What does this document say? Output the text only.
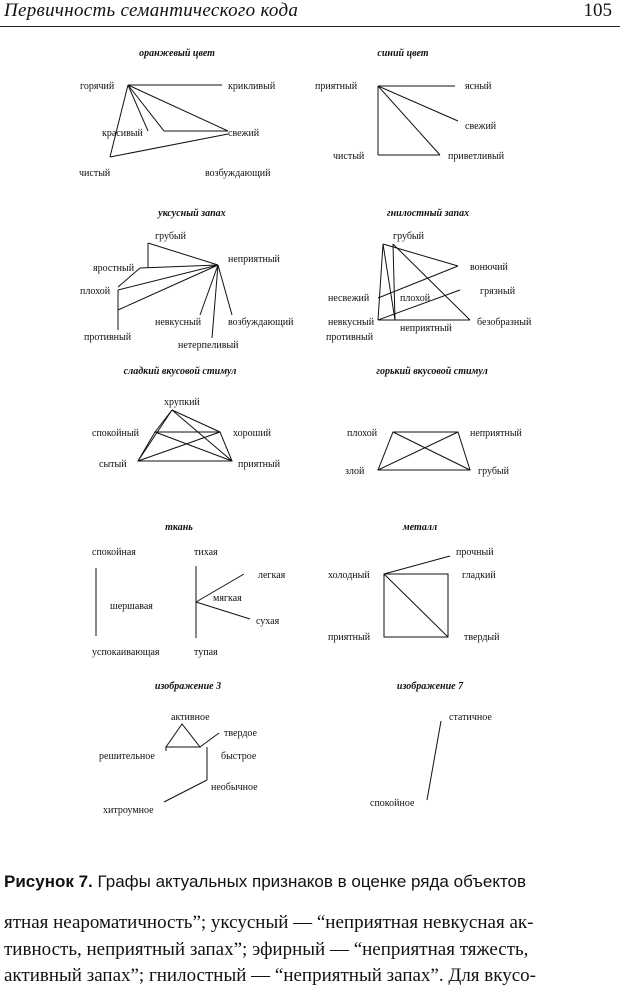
Первичность семантического кода	105
оранжевый цвет
горячий	крикливый
красивый	свежий
чистый	возбуждающий
синий цвет
приятный	ясный
свежий
чистый	приветливый
уксусный запах
грубый
яростный
неприятный
плохой
невкусный	возбуждающий
противный
нетерпеливый
гнилостный запах
грубый
вонючий
грязный
несвежий	плохой
невкусный	безобразный
неприятный
противный
сладкий вкусовой стимул
хрупкий
спокойный	хороший
сытый	приятный
горький вкусовой стимул
плохой	неприятный
злой	грубый
ткань
спокойная	тихая
легкая
мягкая
шершавая
сухая
успокаивающая	тупая
металл
прочный
холодный	гладкий
приятный	твердый
изображение 3
активное
твердое
решительное	быстрое
необычное
хитроумное
изображение 7
статичное
спокойное
Рисунок 7. Графы актуальных признаков в оценке ряда объектов
ятная неароматичность”; уксусный — “неприятная невкусная ак-
тивность, неприятный запах”; эфирный — “неприятная тяжесть,
активный запах”; гнилостный — “неприятный запах”. Для вкусо-
